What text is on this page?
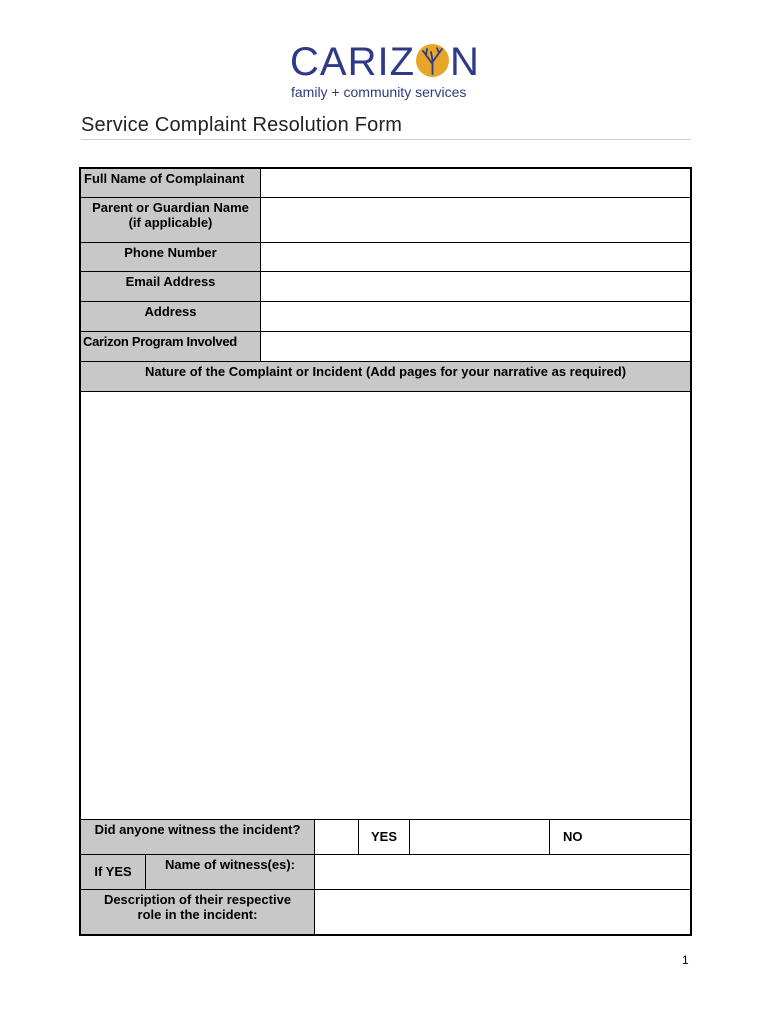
CARIZ N
family + community services
Service Complaint Resolution Form
Full Name of Complainant
Parent or Guardian Name
(if applicable)
Phone Number
Email Address
Address
Carizon Program Involved
Nature of the Complaint or Incident (Add pages for your narrative as required)
Did anyone witness the incident?	YES	NO
If YES	Name of witness(es):
Description of their respective
role in the incident:
1
